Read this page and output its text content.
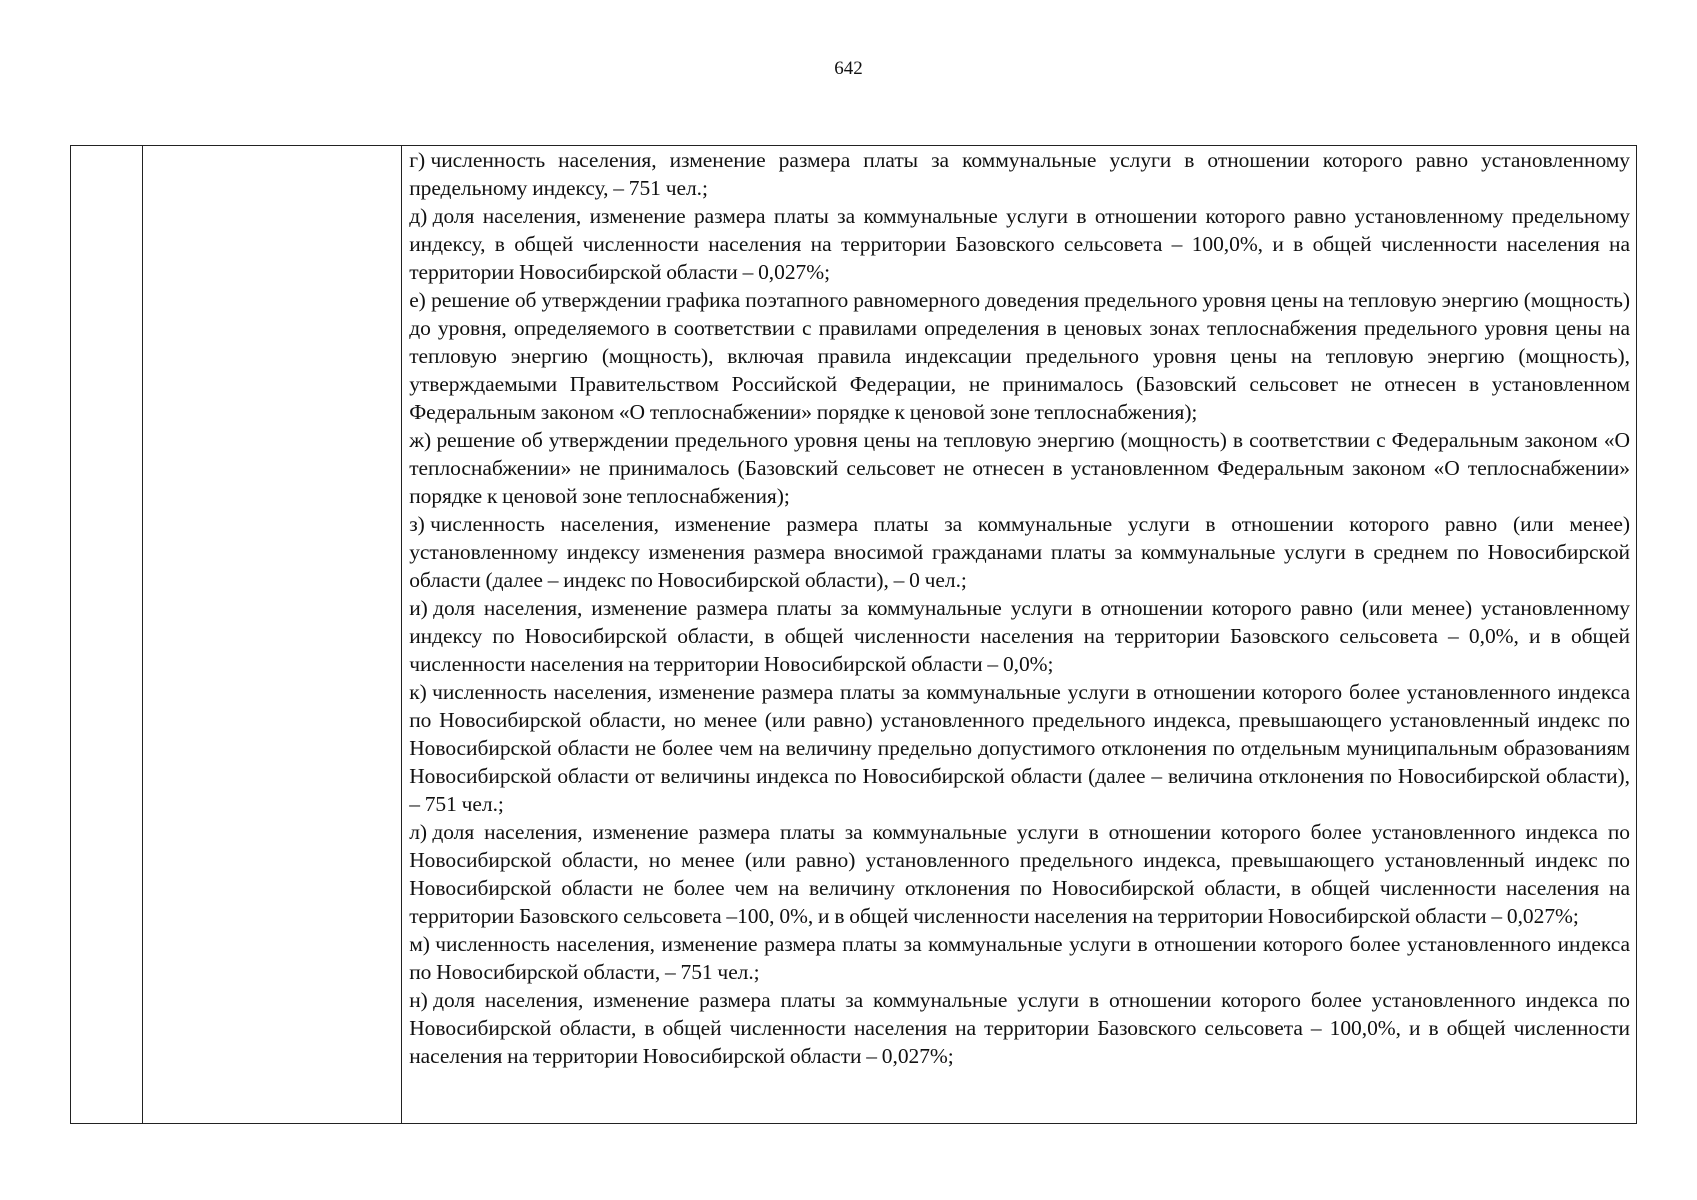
642

г) численность населения, изменение размера платы за коммунальные услуги в отношении которого равно установленному предельному индексу, – 751 чел.;

д) доля населения, изменение размера платы за коммунальные услуги в отношении которого равно установленному предельному индексу, в общей численности населения на территории Базовского сельсовета – 100,0%, и в общей численности населения на территории Новосибирской области – 0,027%;

е) решение об утверждении графика поэтапного равномерного доведения предельного уровня цены на тепловую энергию (мощность) до уровня, определяемого в соответствии с правилами определения в ценовых зонах теплоснабжения предельного уровня цены на тепловую энергию (мощность), включая правила индексации предельного уровня цены на тепловую энергию (мощность), утверждаемыми Правительством Российской Федерации, не принималось (Базовский сельсовет не отнесен в установленном Федеральным законом «О теплоснабжении» порядке к ценовой зоне теплоснабжения);

ж) решение об утверждении предельного уровня цены на тепловую энергию (мощность) в соответствии с Федеральным законом «О теплоснабжении» не принималось (Базовский сельсовет не отнесен в установленном Федеральным законом «О теплоснабжении» порядке к ценовой зоне теплоснабжения);

з) численность населения, изменение размера платы за коммунальные услуги в отношении которого равно (или менее) установленному индексу изменения размера вносимой гражданами платы за коммунальные услуги в среднем по Новосибирской области (далее – индекс по Новосибирской области), – 0 чел.;

и) доля населения, изменение размера платы за коммунальные услуги в отношении которого равно (или менее) установленному индексу по Новосибирской области, в общей численности населения на территории Базовского сельсовета – 0,0%, и в общей численности населения на территории Новосибирской области – 0,0%;

к) численность населения, изменение размера платы за коммунальные услуги в отношении которого более установленного индекса по Новосибирской области, но менее (или равно) установленного предельного индекса, превышающего установленный индекс по Новосибирской области не более чем на величину предельно допустимого отклонения по отдельным муниципальным образованиям Новосибирской области от величины индекса по Новосибирской области (далее – величина отклонения по Новосибирской области), – 751 чел.;

л) доля населения, изменение размера платы за коммунальные услуги в отношении которого более установленного индекса по Новосибирской области, но менее (или равно) установленного предельного индекса, превышающего установленный индекс по Новосибирской области не более чем на величину отклонения по Новосибирской области, в общей численности населения на территории Базовского сельсовета –100, 0%, и в общей численности населения на территории Новосибирской области – 0,027%;

м) численность населения, изменение размера платы за коммунальные услуги в отношении которого более установленного индекса по Новосибирской области, – 751 чел.;

н) доля населения, изменение размера платы за коммунальные услуги в отношении которого более установленного индекса по Новосибирской области, в общей численности населения на территории Базовского сельсовета – 100,0%, и в общей численности населения на территории Новосибирской области – 0,027%;
